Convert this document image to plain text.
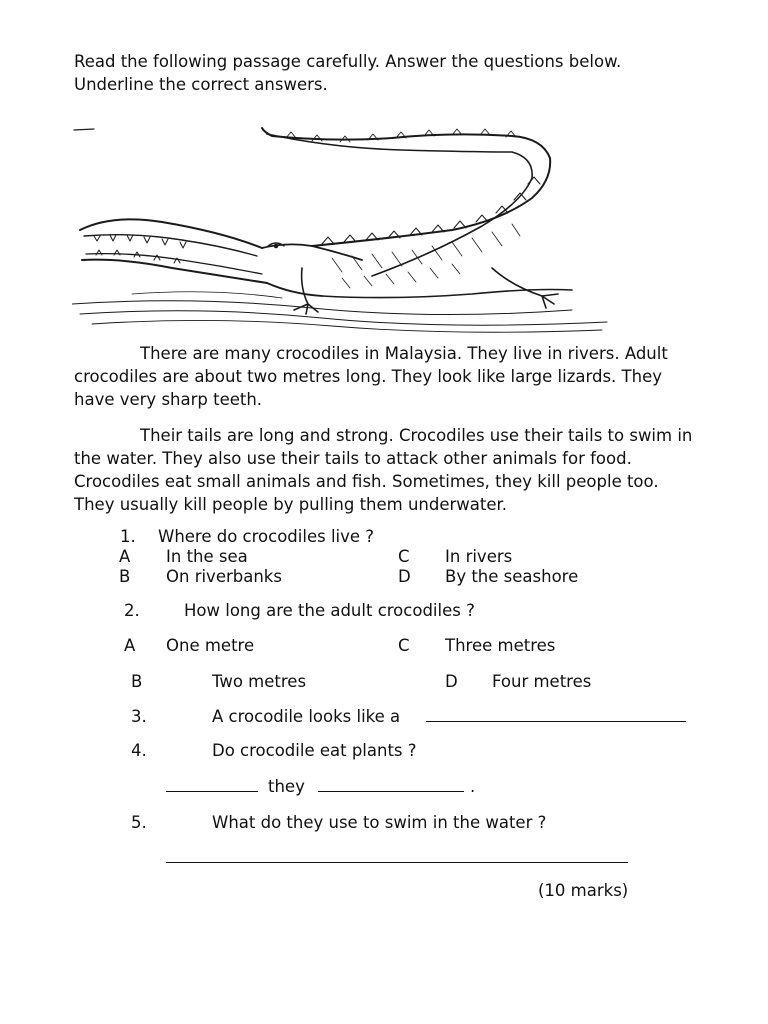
Read the following passage carefully. Answer the questions below. Underline the correct answers.

There are many crocodiles in Malaysia. They live in rivers. Adult crocodiles are about two metres long. They look like large lizards. They have very sharp teeth.

Their tails are long and strong. Crocodiles use their tails to swim in the water. They also use their tails to attack other animals for food. Crocodiles eat small animals and fish. Sometimes, they kill people too. They usually kill people by pulling them underwater.

1. Where do crocodiles live ?
A In the sea
B On riverbanks
C In rivers
D By the seashore
2.	How long are the adult crocodiles ?
A One metre	C Three metres
B	Two metres	D Four metres
3.	A crocodile looks like a
4.	Do crocodile eat plants ?
they	.
5.	What do they use to swim in the water ?
(10 marks)
